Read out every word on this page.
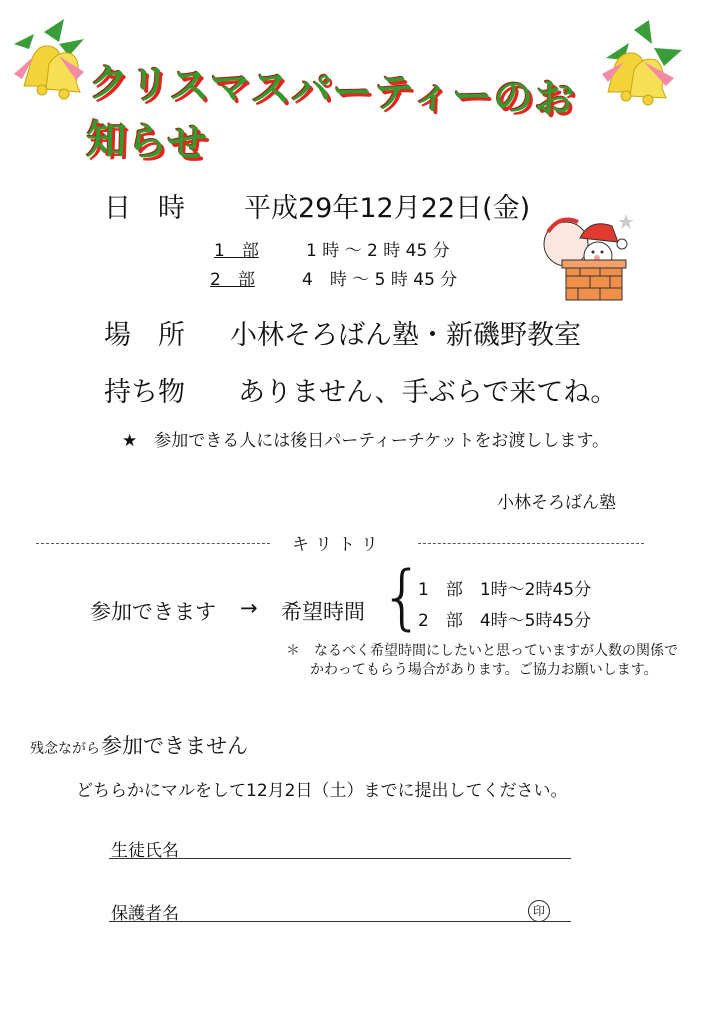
クリスマスパーティーのお知らせ
日　時 平成29年12月22日(金)
1　部	1 時 ～ 2 時 45 分
2　部	4　時 ～ 5 時 45 分
場　所 小林そろばん塾・新磯野教室
持ち物 ありません、手ぶらで来てね。
★　参加できる人には後日パーティーチケットをお渡しします。
小林そろばん塾
キリトリ
参加できます → 希望時間 {
1　部　1時～2時45分
2　部　4時～5時45分
＊　なるべく希望時間にしたいと思っていますが人数の関係で
かわってもらう場合があります。ご協力お願いします。
残念ながら 参加できません
どちらかにマルをして12月2日（土）までに提出してください。
生徒氏名
保護者名	印
